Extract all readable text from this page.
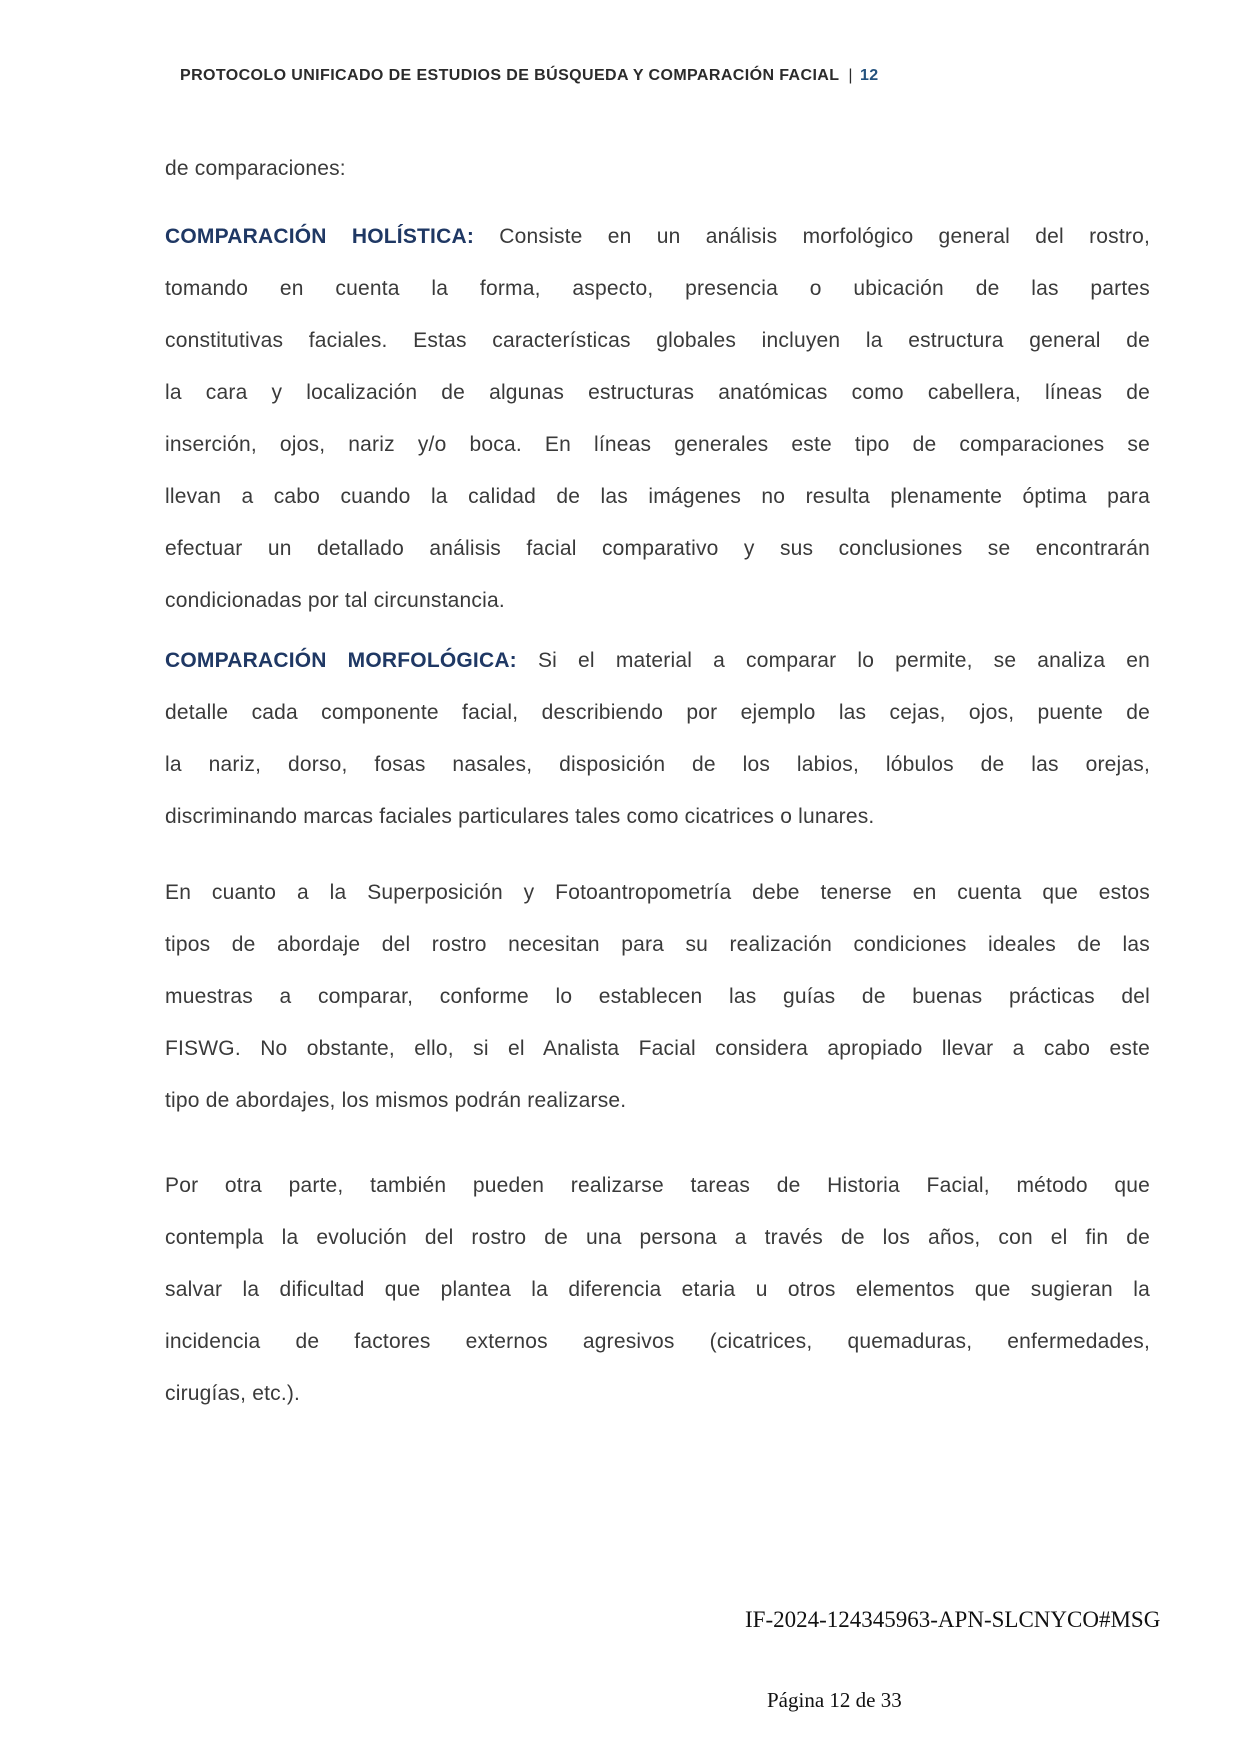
PROTOCOLO UNIFICADO DE ESTUDIOS DE BÚSQUEDA Y COMPARACIÓN FACIAL | 12

de comparaciones:

COMPARACIÓN HOLÍSTICA: Consiste en un análisis morfológico general del rostro,

tomando en cuenta la forma, aspecto, presencia o ubicación de las partes

constitutivas faciales. Estas características globales incluyen la estructura general de

la cara y localización de algunas estructuras anatómicas como cabellera, líneas de

inserción, ojos, nariz y/o boca. En líneas generales este tipo de comparaciones se

llevan a cabo cuando la calidad de las imágenes no resulta plenamente óptima para

efectuar un detallado análisis facial comparativo y sus conclusiones se encontrarán

condicionadas por tal circunstancia.

COMPARACIÓN MORFOLÓGICA: Si el material a comparar lo permite, se analiza en

detalle cada componente facial, describiendo por ejemplo las cejas, ojos, puente de

la nariz, dorso, fosas nasales, disposición de los labios, lóbulos de las orejas,

discriminando marcas faciales particulares tales como cicatrices o lunares.

En cuanto a la Superposición y Fotoantropometría debe tenerse en cuenta que estos

tipos de abordaje del rostro necesitan para su realización condiciones ideales de las

muestras a comparar, conforme lo establecen las guías de buenas prácticas del

FISWG. No obstante, ello, si el Analista Facial considera apropiado llevar a cabo este

tipo de abordajes, los mismos podrán realizarse.

Por otra parte, también pueden realizarse tareas de Historia Facial, método que

contempla la evolución del rostro de una persona a través de los años, con el fin de

salvar la dificultad que plantea la diferencia etaria u otros elementos que sugieran la

incidencia de factores externos agresivos (cicatrices, quemaduras, enfermedades,

cirugías, etc.).

IF-2024-124345963-APN-SLCNYCO#MSG
Página 12 de 33
